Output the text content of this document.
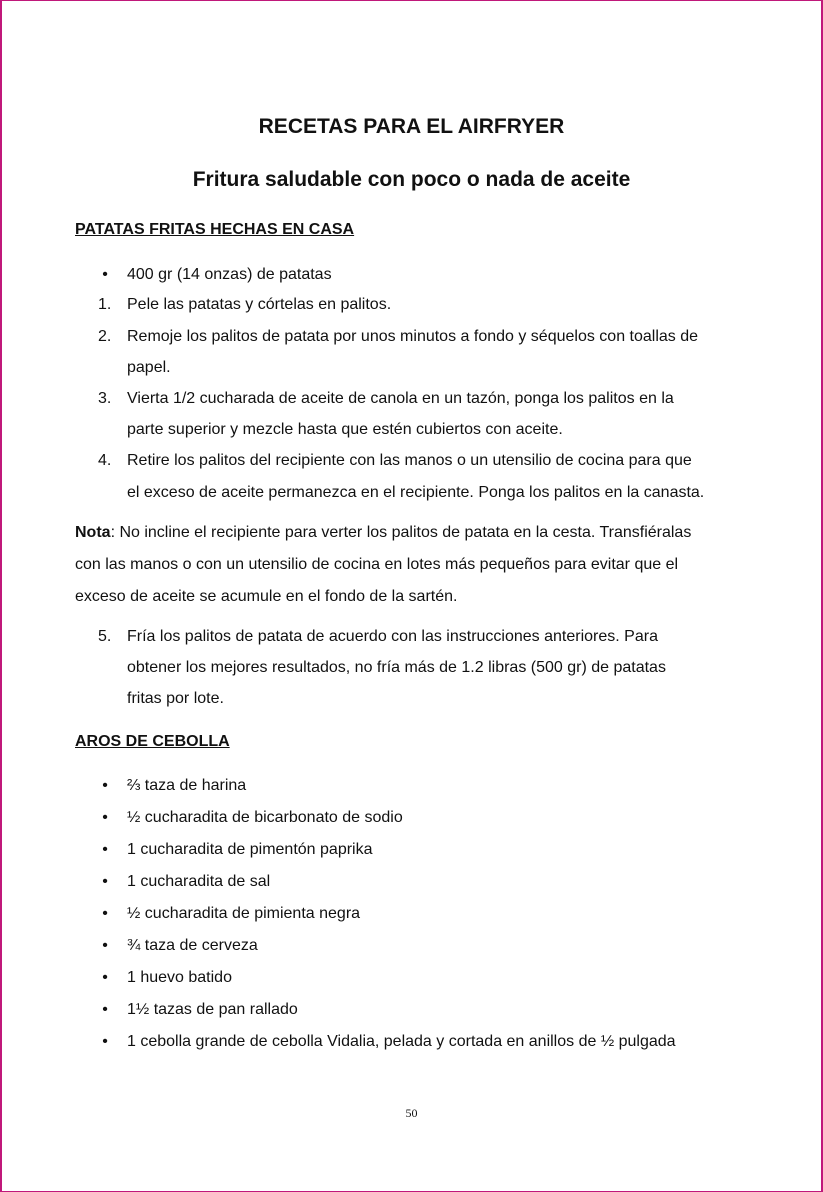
RECETAS PARA EL AIRFRYER
Fritura saludable con poco o nada de aceite
PATATAS FRITAS HECHAS EN CASA
• 400 gr (14 onzas) de patatas
1. Pele las patatas y córtelas en palitos.
2. Remoje los palitos de patata por unos minutos a fondo y séquelos con toallas de
papel.
3. Vierta 1/2 cucharada de aceite de canola en un tazón, ponga los palitos en la
parte superior y mezcle hasta que estén cubiertos con aceite.
4. Retire los palitos del recipiente con las manos o un utensilio de cocina para que
el exceso de aceite permanezca en el recipiente. Ponga los palitos en la canasta.

Nota: No incline el recipiente para verter los palitos de patata en la cesta. Transfiéralas
con las manos o con un utensilio de cocina en lotes más pequeños para evitar que el
exceso de aceite se acumule en el fondo de la sartén.

5. Fría los palitos de patata de acuerdo con las instrucciones anteriores. Para
obtener los mejores resultados, no fría más de 1.2 libras (500 gr) de patatas
fritas por lote.
AROS DE CEBOLLA
• ⅔ taza de harina
• ½ cucharadita de bicarbonato de sodio
• 1 cucharadita de pimentón paprika
• 1 cucharadita de sal
• ½ cucharadita de pimienta negra
• ¾ taza de cerveza
• 1 huevo batido
• 1½ tazas de pan rallado
• 1 cebolla grande de cebolla Vidalia, pelada y cortada en anillos de ½ pulgada
50
